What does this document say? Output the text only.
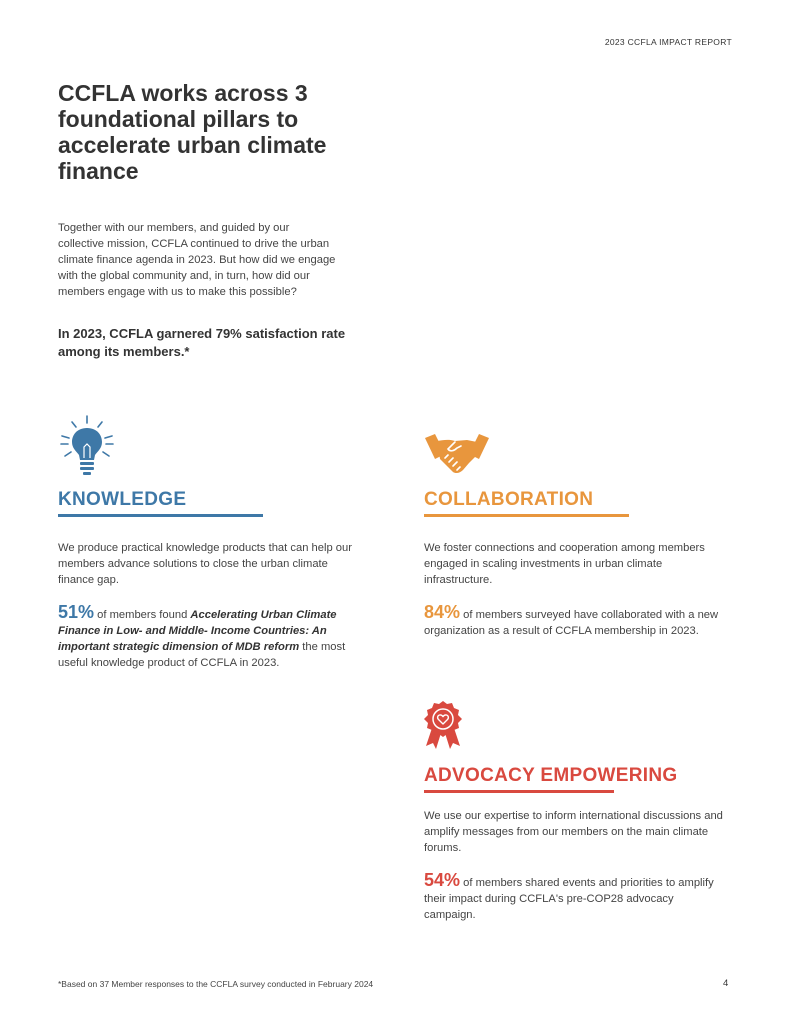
2023 CCFLA IMPACT REPORT
CCFLA works across 3 foundational pillars to accelerate urban climate finance
Together with our members, and guided by our collective mission, CCFLA continued to drive the urban climate finance agenda in 2023. But how did we engage with the global community and, in turn, how did our members engage with us to make this possible?
In 2023, CCFLA garnered 79% satisfaction rate among its members.*
KNOWLEDGE
We produce practical knowledge products that can help our members advance solutions to close the urban climate finance gap.
51% of members found Accelerating Urban Climate Finance in Low- and Middle- Income Countries: An important strategic dimension of MDB reform the most useful knowledge product of CCFLA in 2023.
COLLABORATION
We foster connections and cooperation among members engaged in scaling investments in urban climate infrastructure.
84% of members surveyed have collaborated with a new organization as a result of CCFLA membership in 2023.
ADVOCACY EMPOWERING
We use our expertise to inform international discussions and amplify messages from our members on the main climate forums.
54% of members shared events and priorities to amplify their impact during CCFLA's pre-COP28 advocacy campaign.
*Based on 37 Member responses to the CCFLA survey conducted in February 2024	4
